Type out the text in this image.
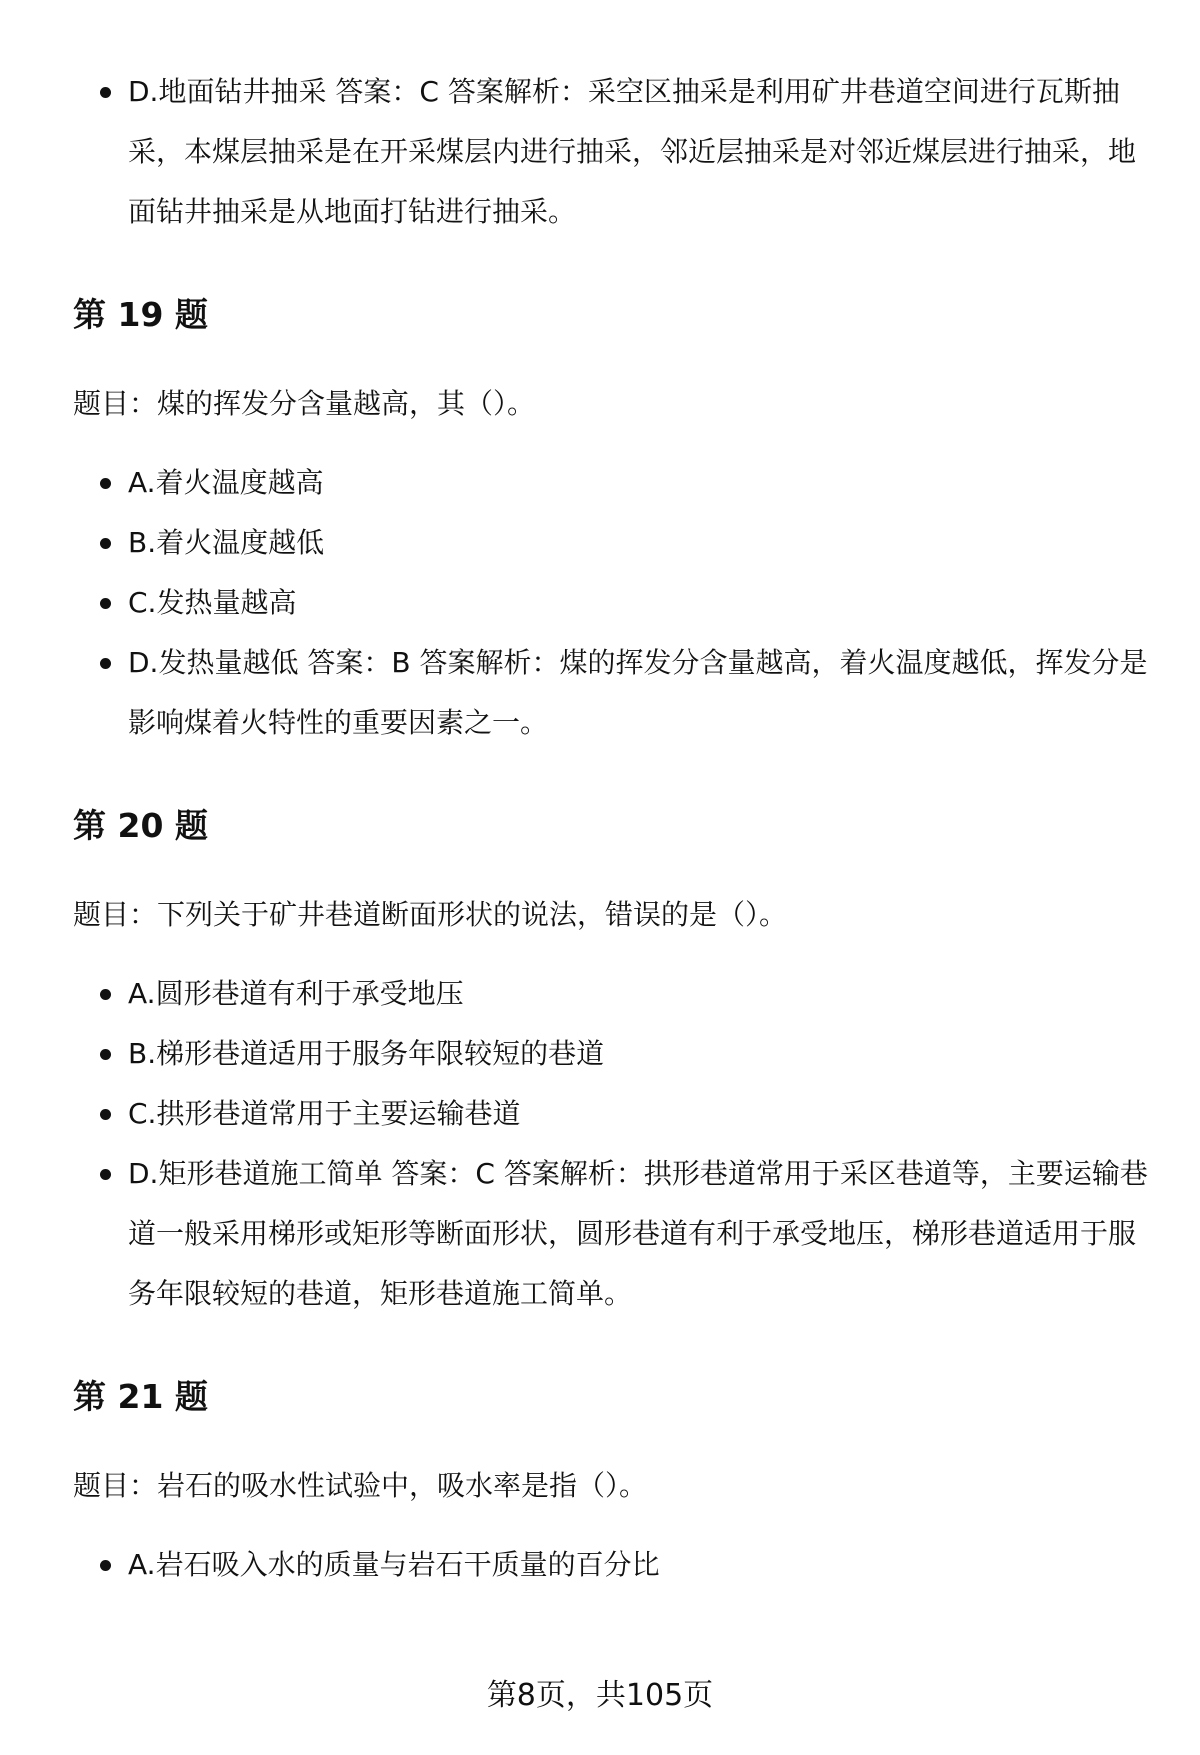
D.地面钻井抽采 答案：C 答案解析：采空区抽采是利用矿井巷道空间进行瓦斯抽采，本煤层抽采是在开采煤层内进行抽采，邻近层抽采是对邻近煤层进行抽采，地面钻井抽采是从地面打钻进行抽采。
第 19 题

题目：煤的挥发分含量越高，其（）。

A.着火温度越高
B.着火温度越低
C.发热量越高
D.发热量越低 答案：B 答案解析：煤的挥发分含量越高，着火温度越低，挥发分是影响煤着火特性的重要因素之一。
第 20 题

题目：下列关于矿井巷道断面形状的说法，错误的是（）。

A.圆形巷道有利于承受地压
B.梯形巷道适用于服务年限较短的巷道
C.拱形巷道常用于主要运输巷道
D.矩形巷道施工简单 答案：C 答案解析：拱形巷道常用于采区巷道等，主要运输巷道一般采用梯形或矩形等断面形状，圆形巷道有利于承受地压，梯形巷道适用于服务年限较短的巷道，矩形巷道施工简单。
第 21 题

题目：岩石的吸水性试验中，吸水率是指（）。

A.岩石吸入水的质量与岩石干质量的百分比
第8页，共105页
